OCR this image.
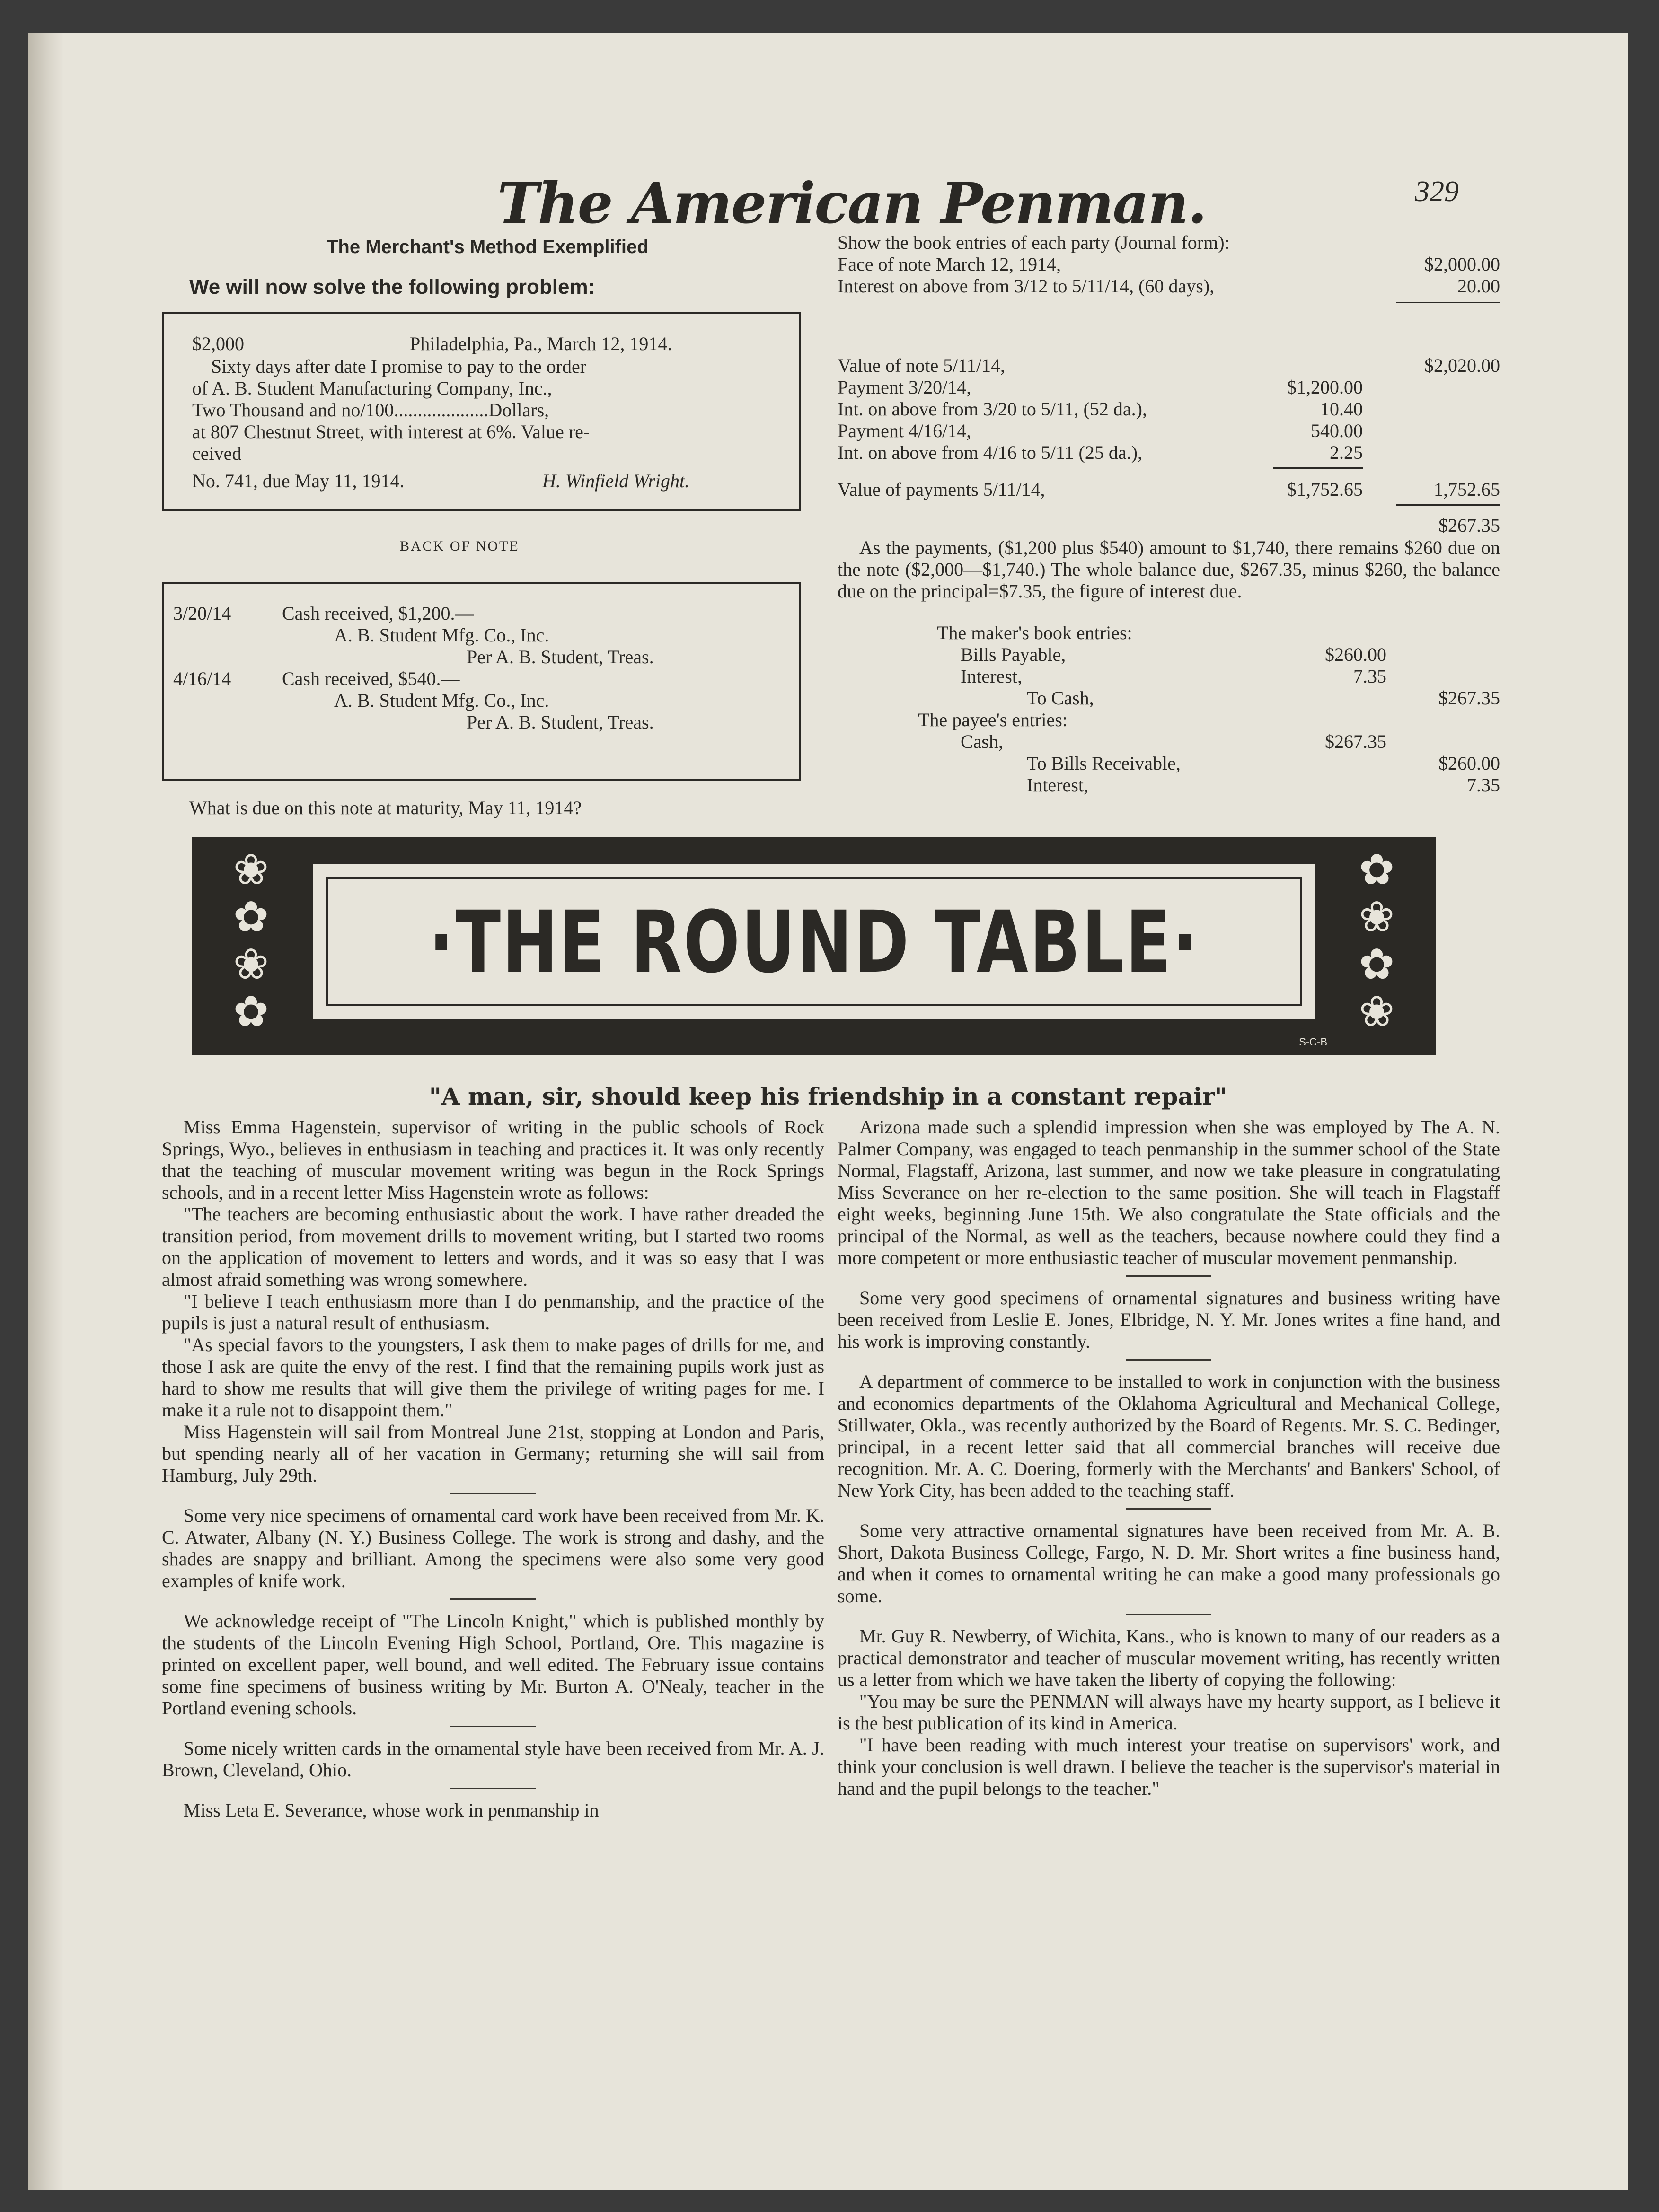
The American Penman.	329
The Merchant's Method Exemplified
We will now solve the following problem:
$2,000	Philadelphia, Pa., March 12, 1914.
Sixty days after date I promise to pay to the order
of A. B. Student Manufacturing Company, Inc.,
Two Thousand and no/100....................Dollars,
at 807 Chestnut Street, with interest at 6%. Value re-
ceived
No. 741, due May 11, 1914.	H. Winfield Wright.
BACK OF NOTE
3/20/14	Cash received, $1,200.—
A. B. Student Mfg. Co., Inc.
Per A. B. Student, Treas.
4/16/14	Cash received, $540.—
A. B. Student Mfg. Co., Inc.
Per A. B. Student, Treas.
What is due on this note at maturity, May 11, 1914?
Show the book entries of each party (Journal form):
Face of note March 12, 1914,	$2,000.00
Interest on above from 3/12 to 5/11/14, (60 days),	20.00
Value of note 5/11/14,	$2,020.00
Payment 3/20/14,	$1,200.00
Int. on above from 3/20 to 5/11, (52 da.),	10.40
Payment 4/16/14,	540.00
Int. on above from 4/16 to 5/11 (25 da.),	2.25
Value of payments 5/11/14,	$1,752.65	1,752.65
$267.35

As the payments, ($1,200 plus $540) amount to $1,740, there remains $260 due on the note ($2,000—$1,740.) The whole balance due, $267.35, minus $260, the balance due on the principal=$7.35, the figure of interest due.

The maker's book entries:
Bills Payable,	$260.00
Interest,	7.35
To Cash,	$267.35
The payee's entries:
Cash,	$267.35
To Bills Receivable,	$260.00
Interest,	7.35
❀
✿
❀
✿
✿
❀
✿
❀
·THE ROUND TABLE·
S-C-B
"A man, sir, should keep his friendship in a constant repair"

Miss Emma Hagenstein, supervisor of writing in the public schools of Rock Springs, Wyo., believes in enthusiasm in teaching and practices it. It was only recently that the teaching of muscular movement writing was begun in the Rock Springs schools, and in a recent letter Miss Hagenstein wrote as follows:

"The teachers are becoming enthusiastic about the work. I have rather dreaded the transition period, from movement drills to movement writing, but I started two rooms on the application of movement to letters and words, and it was so easy that I was almost afraid something was wrong somewhere.

"I believe I teach enthusiasm more than I do penmanship, and the practice of the pupils is just a natural result of enthusiasm.

"As special favors to the youngsters, I ask them to make pages of drills for me, and those I ask are quite the envy of the rest. I find that the remaining pupils work just as hard to show me results that will give them the privilege of writing pages for me. I make it a rule not to disappoint them."

Miss Hagenstein will sail from Montreal June 21st, stopping at London and Paris, but spending nearly all of her vacation in Germany; returning she will sail from Hamburg, July 29th.

Some very nice specimens of ornamental card work have been received from Mr. K. C. Atwater, Albany (N. Y.) Business College. The work is strong and dashy, and the shades are snappy and brilliant. Among the specimens were also some very good examples of knife work.

We acknowledge receipt of "The Lincoln Knight," which is published monthly by the students of the Lincoln Evening High School, Portland, Ore. This magazine is printed on excellent paper, well bound, and well edited. The February issue contains some fine specimens of business writing by Mr. Burton A. O'Nealy, teacher in the Portland evening schools.

Some nicely written cards in the ornamental style have been received from Mr. A. J. Brown, Cleveland, Ohio.

Miss Leta E. Severance, whose work in penmanship in

Arizona made such a splendid impression when she was employed by The A. N. Palmer Company, was engaged to teach penmanship in the summer school of the State Normal, Flagstaff, Arizona, last summer, and now we take pleasure in congratulating Miss Severance on her re-election to the same position. She will teach in Flagstaff eight weeks, beginning June 15th. We also congratulate the State officials and the principal of the Normal, as well as the teachers, because nowhere could they find a more competent or more enthusiastic teacher of muscular movement penmanship.

Some very good specimens of ornamental signatures and business writing have been received from Leslie E. Jones, Elbridge, N. Y. Mr. Jones writes a fine hand, and his work is improving constantly.

A department of commerce to be installed to work in conjunction with the business and economics departments of the Oklahoma Agricultural and Mechanical College, Stillwater, Okla., was recently authorized by the Board of Regents. Mr. S. C. Bedinger, principal, in a recent letter said that all commercial branches will receive due recognition. Mr. A. C. Doering, formerly with the Merchants' and Bankers' School, of New York City, has been added to the teaching staff.

Some very attractive ornamental signatures have been received from Mr. A. B. Short, Dakota Business College, Fargo, N. D. Mr. Short writes a fine business hand, and when it comes to ornamental writing he can make a good many professionals go some.

Mr. Guy R. Newberry, of Wichita, Kans., who is known to many of our readers as a practical demonstrator and teacher of muscular movement writing, has recently written us a letter from which we have taken the liberty of copying the following:

"You may be sure the PENMAN will always have my hearty support, as I believe it is the best publication of its kind in America.

"I have been reading with much interest your treatise on supervisors' work, and think your conclusion is well drawn. I believe the teacher is the supervisor's material in hand and the pupil belongs to the teacher."
